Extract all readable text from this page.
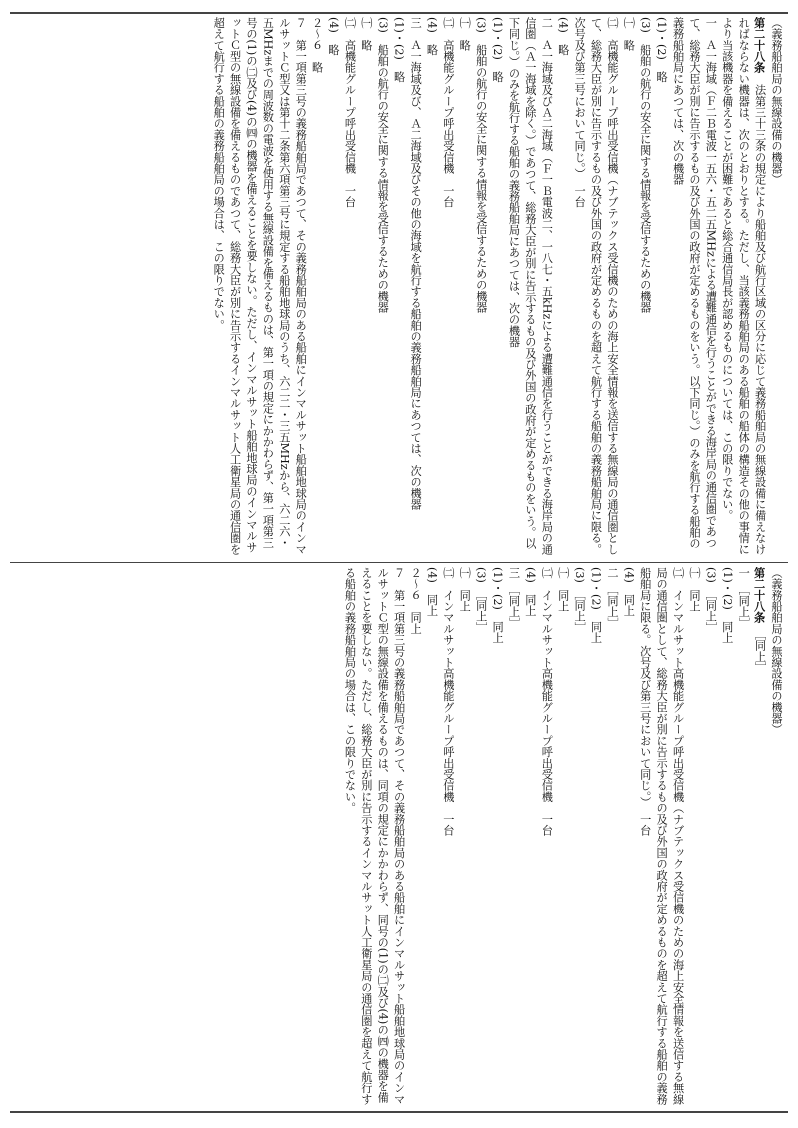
（義務船舶局の無線設備の機器）

第二十八条　法第三十三条の規定により船舶及び航行区域の区分に応じて義務船舶局の無線設備に備えなければならない機器は、次のとおりとする。ただし、当該義務船舶局のある船舶の船体の構造その他の事情により当該機器を備えることが困難であると総合通信局長が認めるものについては、この限りでない。

一　Ａ一海域（Ｆ二Ｂ電波一五六・五二五MHzによる遭難通信を行うことができる海岸局の通信圏であつて、総務大臣が別に告示するもの及び外国の政府が定めるものをいう。以下同じ。）のみを航行する船舶の義務船舶局にあつては、次の機器

(1)・(2)　略

(3)　船舶の航行の安全に関する情報を受信するための機器

㈠　略

㈡　高機能グループ呼出受信機（ナブテックス受信機のための海上安全情報を送信する無線局の通信圏として、総務大臣が別に告示するもの及び外国の政府が定めるものを超えて航行する船舶の義務船舶局に限る。次号及び第三号において同じ。）　一台

(4)　略

二　Ａ一海域及びＡ二海域（Ｆ一Ｂ電波二、一八七・五kHzによる遭難通信を行うことができる海岸局の通信圏（Ａ一海域を除く。）であつて、総務大臣が別に告示するもの及び外国の政府が定めるものをいう。以下同じ。）のみを航行する船舶の義務船舶局にあつては、次の機器

(1)・(2)　略

(3)　船舶の航行の安全に関する情報を受信するための機器

㈠　略

㈡　高機能グループ呼出受信機　一台

(4)　略

三　Ａ一海域及び、Ａ二海域及びその他の海域を航行する船舶の義務船舶局にあつては、次の機器

(1)・(2)　略

(3)　船舶の航行の安全に関する情報を受信するための機器

㈠　略

㈡　高機能グループ呼出受信機　一台

(4)　略

２～６　略

７　第一項第三号の義務船舶局であつて、その義務船舶局のある船舶にインマルサット船舶地球局のインマルサットＣ型又は第十二条第六項第三号に規定する船舶地球局のうち、六二二・三五MHzから、六二六・五MHzまでの周波数の電波を使用する無線設備を備えるものは、第一項の規定にかかわらず、第一項第三号の(1)の㈡及び(4)の㈣の機器を備えることを要しない。ただし、インマルサット船舶地球局のインマルサットＣ型の無線設備を備えるものであつて、総務大臣が別に告示するインマルサット人工衛星局の通信圏を超えて航行する船舶の義務船舶局の場合は、この限りでない。

（義務船舶局の無線設備の機器）

第二十八条　［同上］

一　［同上］

(1)・(2)　同上

(3)　［同上］

㈠　同上

㈡　インマルサット高機能グループ呼出受信機（ナブテックス受信機のための海上安全情報を送信する無線局の通信圏として、総務大臣が別に告示するもの及び外国の政府が定めるものを超えて航行する船舶の義務船舶局に限る。次号及び第三号において同じ。）　一台

(4)　同上

二　［同上］

(1)・(2)　同上

(3)　［同上］

㈠　同上

㈡　インマルサット高機能グループ呼出受信機　一台

(4)　同上

三　［同上］

(1)・(2)　同上

(3)　［同上］

㈠　同上

㈡　インマルサット高機能グループ呼出受信機　一台

(4)　同上

２～６　同上

７　第一項第三号の義務船舶局であつて、その義務船舶局のある船舶にインマルサット船舶地球局のインマルサットＣ型の無線設備を備えるものは、同項の規定にかかわらず、同号の(1)の㈡及び(4)の㈣の機器を備えることを要しない。ただし、総務大臣が別に告示するインマルサット人工衛星局の通信圏を超えて航行する船舶の義務船舶局の場合は、この限りでない。
